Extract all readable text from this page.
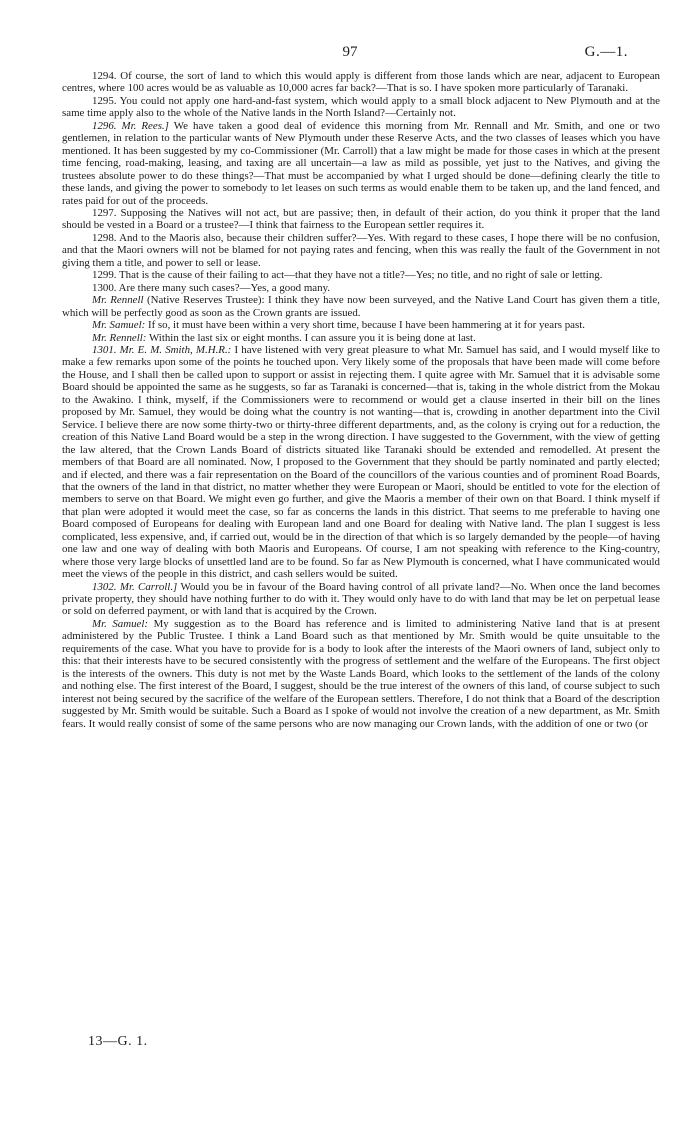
97	G.—1.

1294. Of course, the sort of land to which this would apply is different from those lands which are near, adjacent to European centres, where 100 acres would be as valuable as 10,000 acres far back?—That is so. I have spoken more particularly of Taranaki.

1295. You could not apply one hard-and-fast system, which would apply to a small block adjacent to New Plymouth and at the same time apply also to the whole of the Native lands in the North Island?—Certainly not.

1296. Mr. Rees.] We have taken a good deal of evidence this morning from Mr. Rennall and Mr. Smith, and one or two gentlemen, in relation to the particular wants of New Plymouth under these Reserve Acts, and the two classes of leases which you have mentioned. It has been suggested by my co-Commissioner (Mr. Carroll) that a law might be made for those cases in which at the present time fencing, road-making, leasing, and taxing are all uncertain—a law as mild as possible, yet just to the Natives, and giving the trustees absolute power to do these things?—That must be accompanied by what I urged should be done—defining clearly the title to these lands, and giving the power to somebody to let leases on such terms as would enable them to be taken up, and the land fenced, and rates paid for out of the proceeds.

1297. Supposing the Natives will not act, but are passive; then, in default of their action, do you think it proper that the land should be vested in a Board or a trustee?—I think that fairness to the European settler requires it.

1298. And to the Maoris also, because their children suffer?—Yes. With regard to these cases, I hope there will be no confusion, and that the Maori owners will not be blamed for not paying rates and fencing, when this was really the fault of the Government in not giving them a title, and power to sell or lease.

1299. That is the cause of their failing to act—that they have not a title?—Yes; no title, and no right of sale or letting.

1300. Are there many such cases?—Yes, a good many.

Mr. Rennell (Native Reserves Trustee): I think they have now been surveyed, and the Native Land Court has given them a title, which will be perfectly good as soon as the Crown grants are issued.

Mr. Samuel: If so, it must have been within a very short time, because I have been hammering at it for years past.

Mr. Rennell: Within the last six or eight months. I can assure you it is being done at last.

1301. Mr. E. M. Smith, M.H.R.: I have listened with very great pleasure to what Mr. Samuel has said, and I would myself like to make a few remarks upon some of the points he touched upon. Very likely some of the proposals that have been made will come before the House, and I shall then be called upon to support or assist in rejecting them. I quite agree with Mr. Samuel that it is advisable some Board should be appointed the same as he suggests, so far as Taranaki is concerned—that is, taking in the whole district from the Mokau to the Awakino. I think, myself, if the Commissioners were to recommend or would get a clause inserted in their bill on the lines proposed by Mr. Samuel, they would be doing what the country is not wanting—that is, crowding in another department into the Civil Service. I believe there are now some thirty-two or thirty-three different departments, and, as the colony is crying out for a reduction, the creation of this Native Land Board would be a step in the wrong direction. I have suggested to the Government, with the view of getting the law altered, that the Crown Lands Board of districts situated like Taranaki should be extended and remodelled. At present the members of that Board are all nominated. Now, I proposed to the Government that they should be partly nominated and partly elected; and if elected, and there was a fair representation on the Board of the councillors of the various counties and of prominent Road Boards, that the owners of the land in that district, no matter whether they were European or Maori, should be entitled to vote for the election of members to serve on that Board. We might even go further, and give the Maoris a member of their own on that Board. I think myself if that plan were adopted it would meet the case, so far as concerns the lands in this district. That seems to me preferable to having one Board composed of Europeans for dealing with European land and one Board for dealing with Native land. The plan I suggest is less complicated, less expensive, and, if carried out, would be in the direction of that which is so largely demanded by the people—of having one law and one way of dealing with both Maoris and Europeans. Of course, I am not speaking with reference to the King-country, where those very large blocks of unsettled land are to be found. So far as New Plymouth is concerned, what I have communicated would meet the views of the people in this district, and cash sellers would be suited.

1302. Mr. Carroll.] Would you be in favour of the Board having control of all private land?—No. When once the land becomes private property, they should have nothing further to do with it. They would only have to do with land that may be let on perpetual lease or sold on deferred payment, or with land that is acquired by the Crown.

Mr. Samuel: My suggestion as to the Board has reference and is limited to administering Native land that is at present administered by the Public Trustee. I think a Land Board such as that mentioned by Mr. Smith would be quite unsuitable to the requirements of the case. What you have to provide for is a body to look after the interests of the Maori owners of land, subject only to this: that their interests have to be secured consistently with the progress of settlement and the welfare of the Europeans. The first object is the interests of the owners. This duty is not met by the Waste Lands Board, which looks to the settlement of the lands of the colony and nothing else. The first interest of the Board, I suggest, should be the true interest of the owners of this land, of course subject to such interest not being secured by the sacrifice of the welfare of the European settlers. Therefore, I do not think that a Board of the description suggested by Mr. Smith would be suitable. Such a Board as I spoke of would not involve the creation of a new department, as Mr. Smith fears. It would really consist of some of the same persons who are now managing our Crown lands, with the addition of one or two (or

13—G. 1.
